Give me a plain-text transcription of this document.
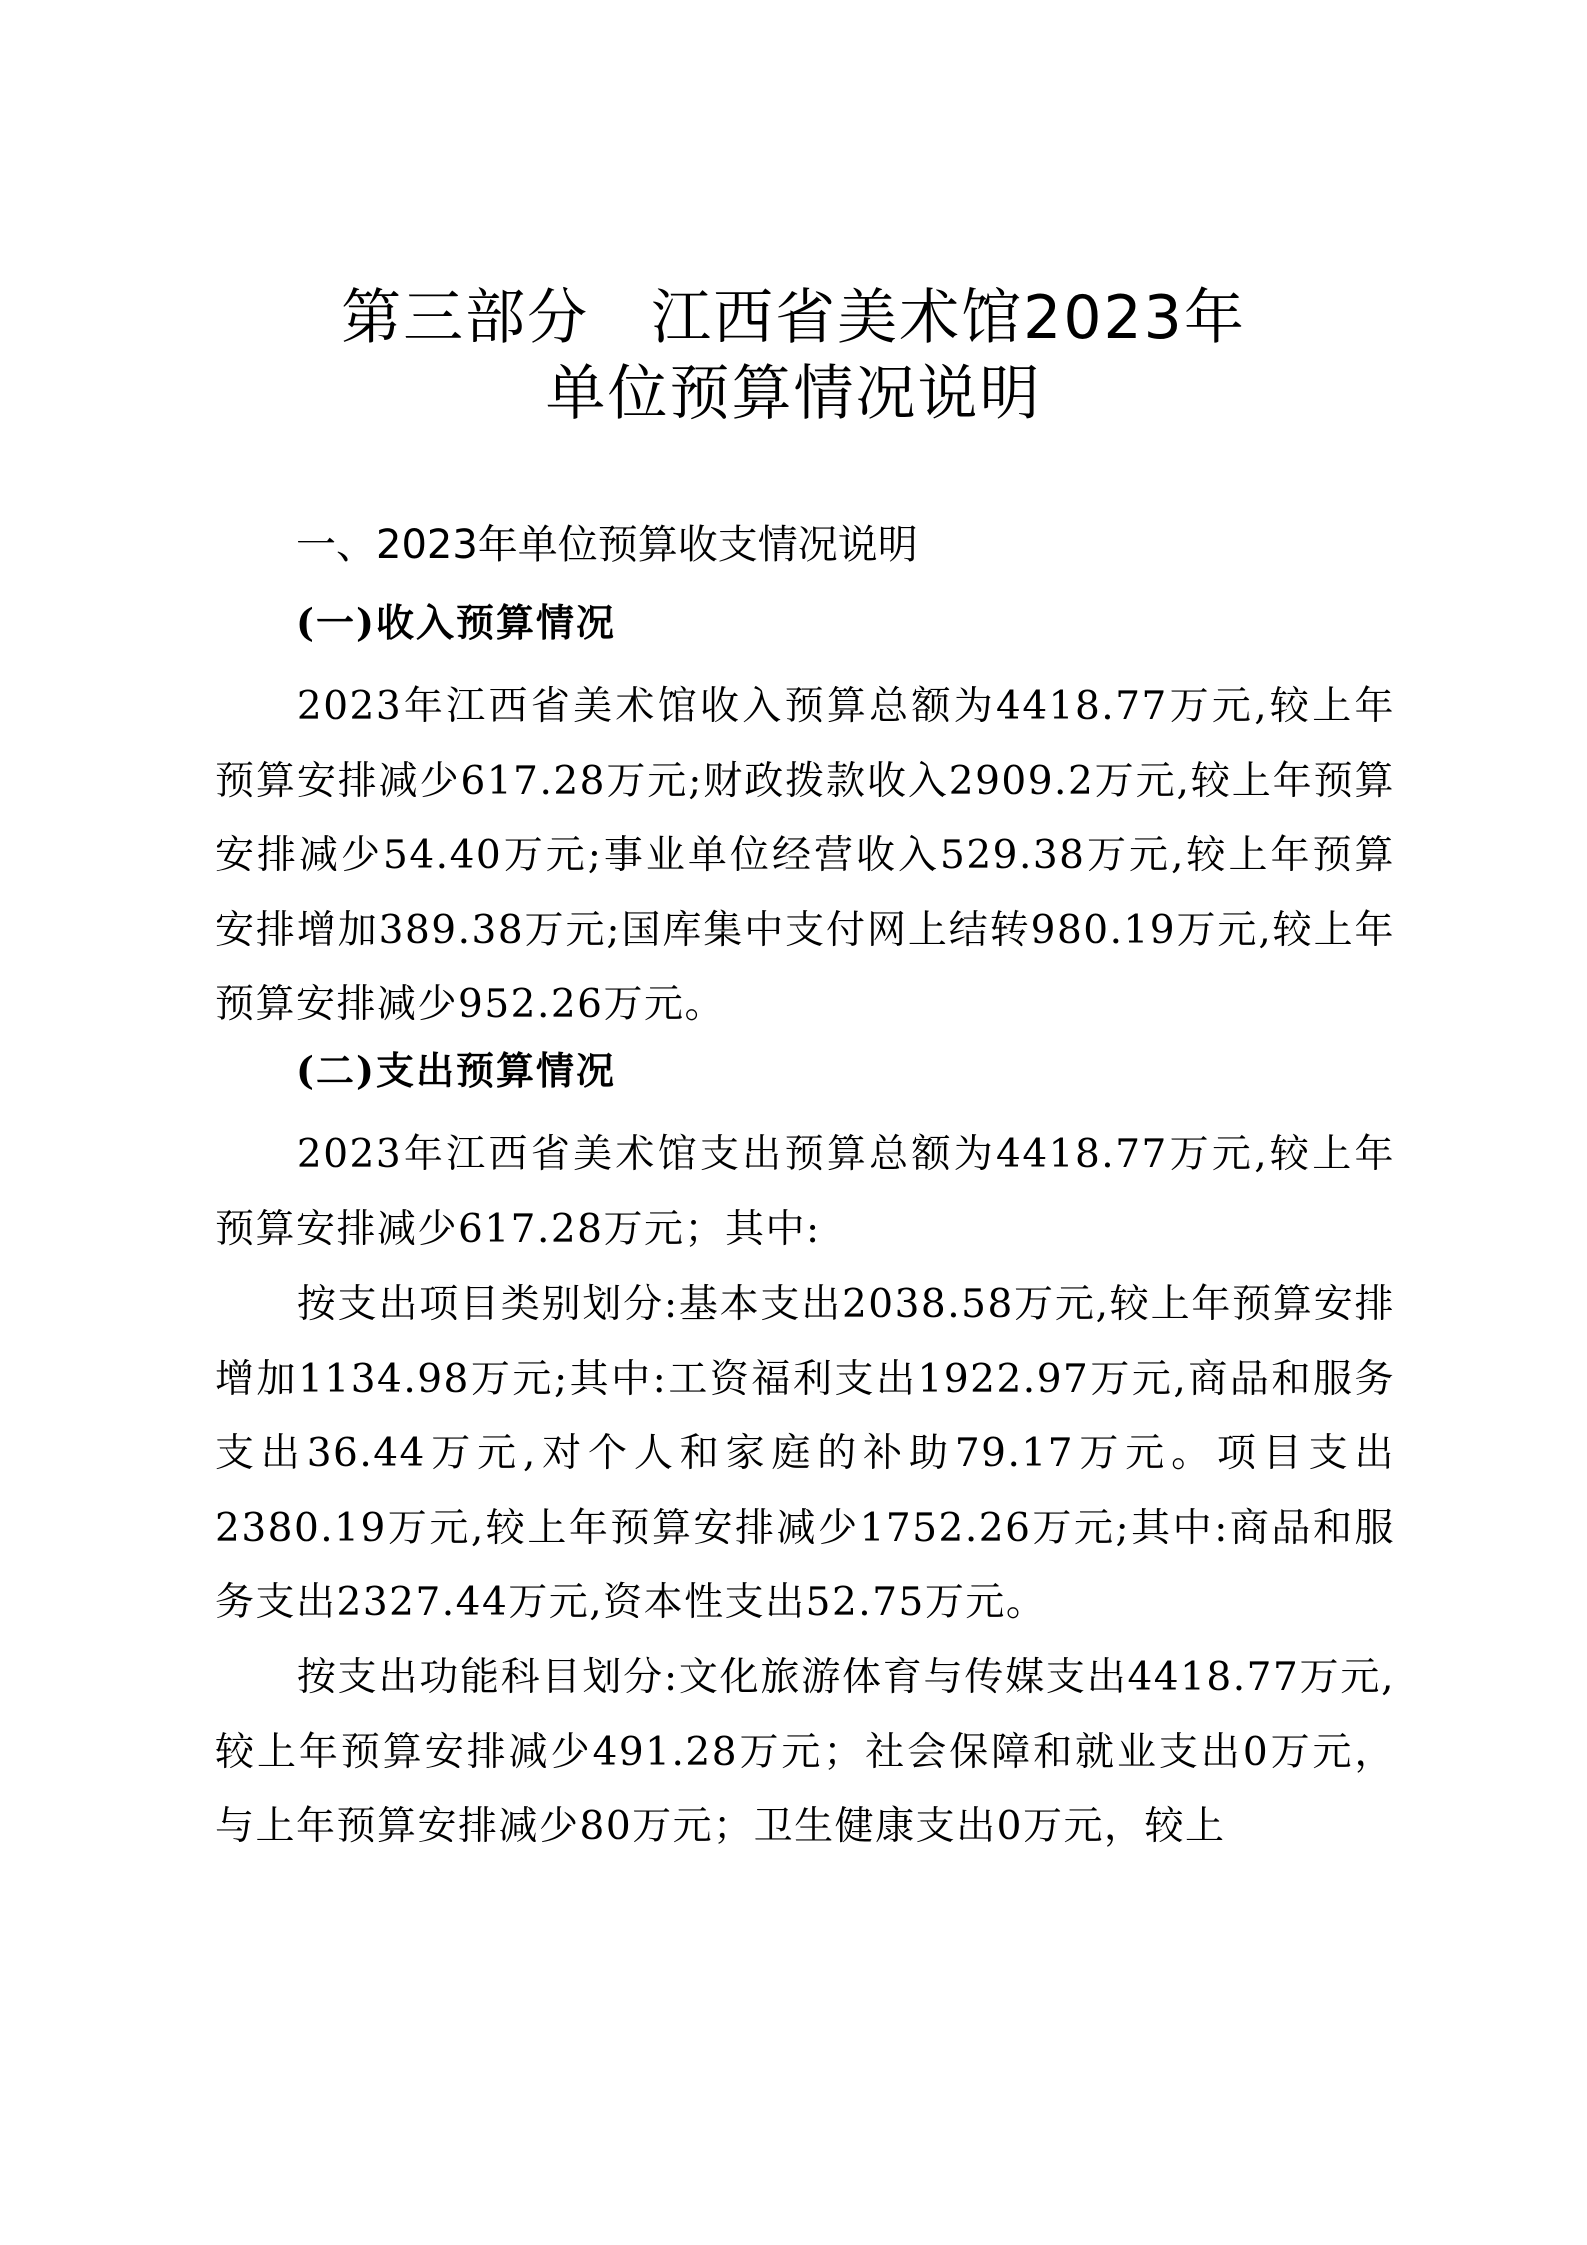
第三部分　江西省美术馆2023年
单位预算情况说明
一、2023年单位预算收支情况说明
(一)收入预算情况

2023年江西省美术馆收入预算总额为4418.77万元,较上年预算安排减少617.28万元;财政拨款收入2909.2万元,较上年预算安排减少54.40万元;事业单位经营收入529.38万元,较上年预算安排增加389.38万元;国库集中支付网上结转980.19万元,较上年预算安排减少952.26万元。

(二)支出预算情况

2023年江西省美术馆支出预算总额为4418.77万元,较上年预算安排减少617.28万元；其中:

按支出项目类别划分:基本支出2038.58万元,较上年预算安排增加1134.98万元;其中:工资福利支出1922.97万元,商品和服务支出36.44万元,对个人和家庭的补助79.17万元。项目支出2380.19万元,较上年预算安排减少1752.26万元;其中:商品和服务支出2327.44万元,资本性支出52.75万元。

按支出功能科目划分:文化旅游体育与传媒支出4418.77万元,较上年预算安排减少491.28万元；社会保障和就业支出0万元，与上年预算安排减少80万元；卫生健康支出0万元，较上
